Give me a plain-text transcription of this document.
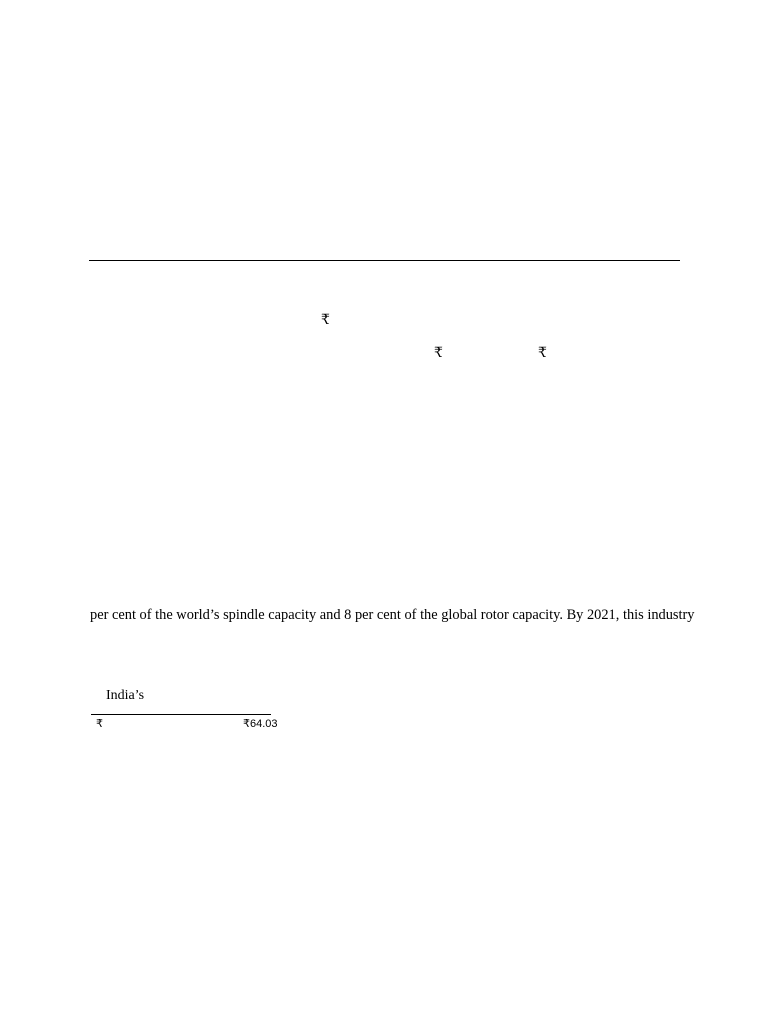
₹
₹	₹
per cent of the world’s spindle capacity and 8 per cent of the global rotor capacity. By 2021, this industry
India’s
₹	₹64.03
